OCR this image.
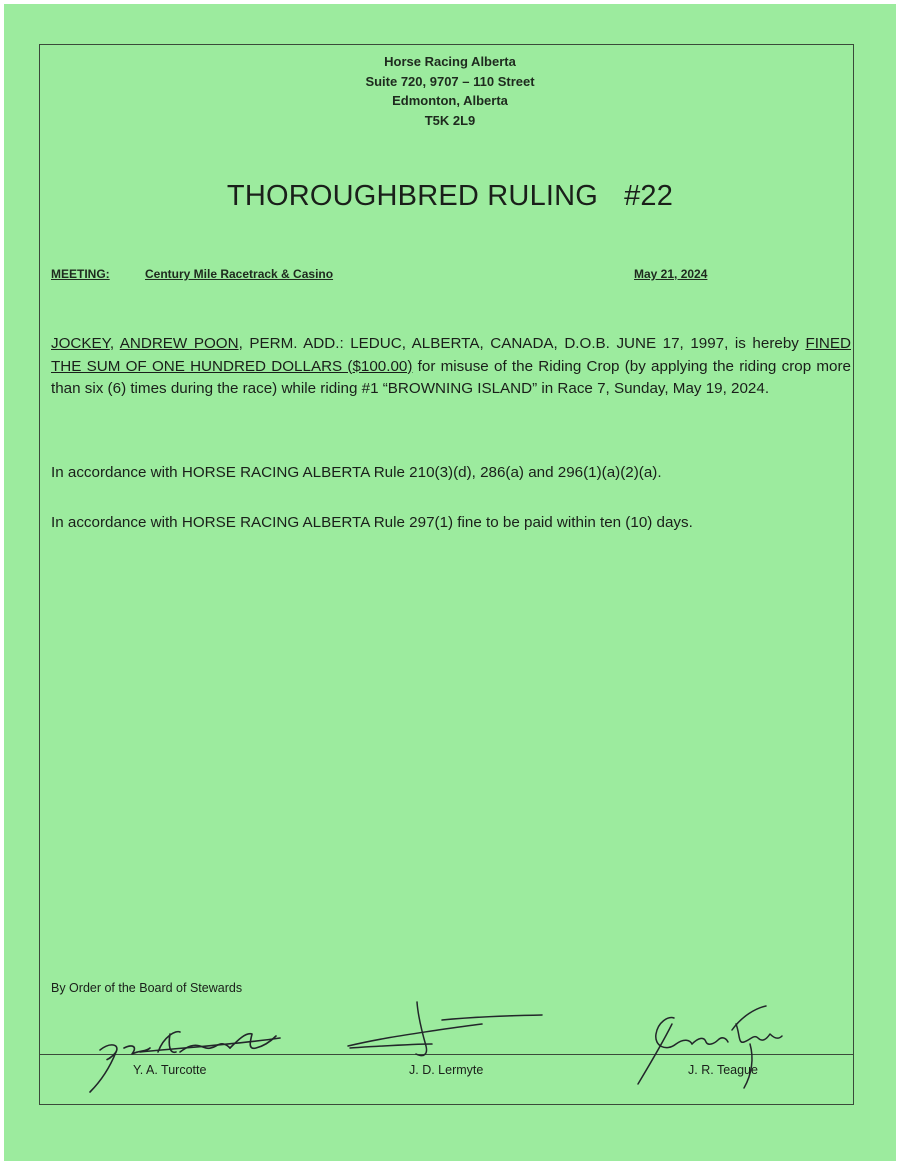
Horse Racing Alberta
Suite 720, 9707 – 110 Street
Edmonton, Alberta
T5K 2L9
THOROUGHBRED RULING #22
MEETING:	Century Mile Racetrack & Casino	May 21, 2024
JOCKEY, ANDREW POON, PERM. ADD.: LEDUC, ALBERTA, CANADA, D.O.B. JUNE 17, 1997, is hereby FINED THE SUM OF ONE HUNDRED DOLLARS ($100.00) for misuse of the Riding Crop (by applying the riding crop more than six (6) times during the race) while riding #1 “BROWNING ISLAND” in Race 7, Sunday, May 19, 2024.
In accordance with HORSE RACING ALBERTA Rule 210(3)(d), 286(a) and 296(1)(a)(2)(a).
In accordance with HORSE RACING ALBERTA Rule 297(1) fine to be paid within ten (10) days.
By Order of the Board of Stewards
Y. A. Turcotte	J. D. Lermyte	J. R. Teague
